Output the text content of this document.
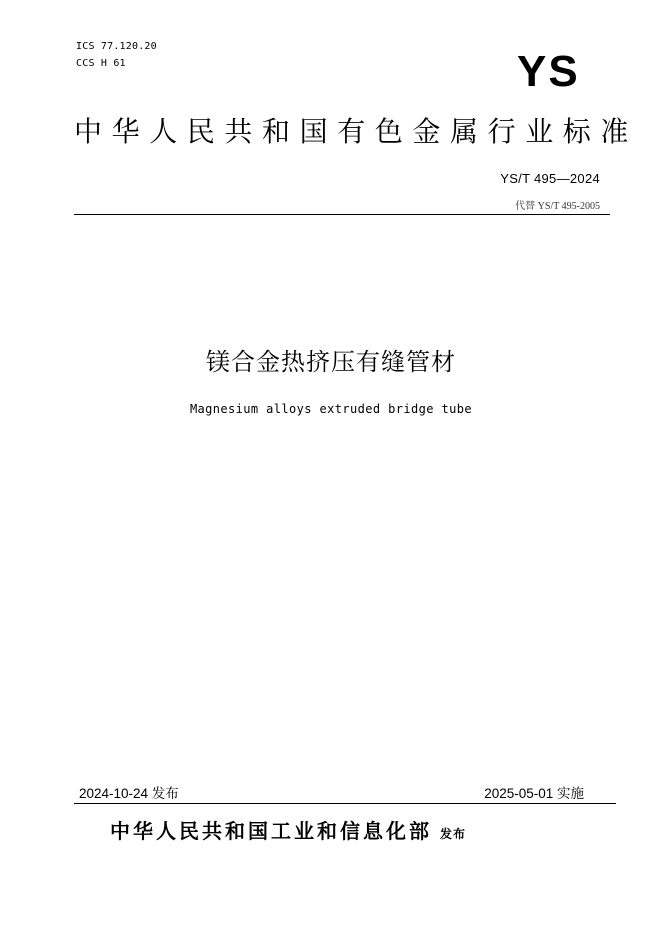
ICS 77.120.20
CCS H 61	YS
中华人民共和国有色金属行业标准
YS/T 495—2024
代替 YS/T 495-2005
镁合金热挤压有缝管材
Magnesium alloys extruded bridge tube
2024-10-24 发布	2025-05-01 实施
中华人民共和国工业和信息化部 发布
